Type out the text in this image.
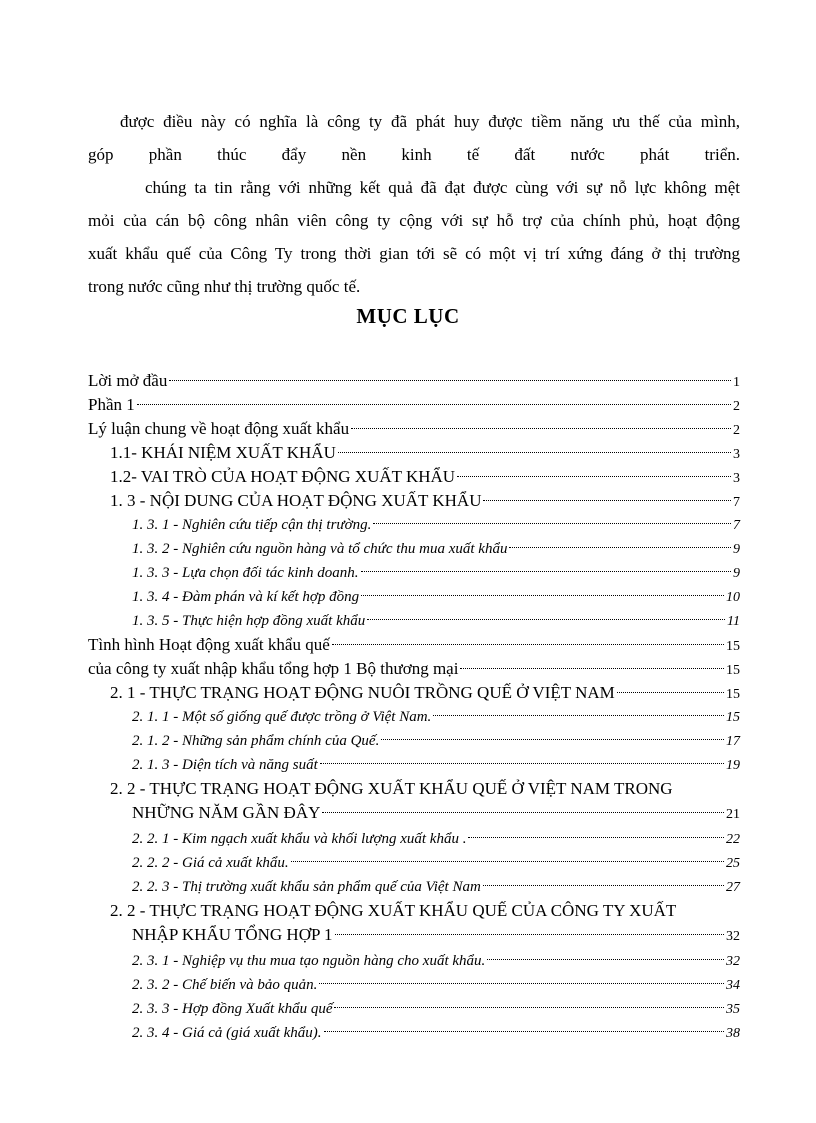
được điều này có nghĩa là công ty đã phát huy được tiềm năng ưu thế của mình,
góp phần thúc đẩy nền kinh tế đất nước phát triển.

chúng ta tin rằng với những kết quả đã đạt được cùng với sự nỗ lực không mệt
mỏi của cán bộ công nhân viên công ty cộng với sự hỗ trợ của chính phủ, hoạt động
xuất khẩu quế của Công Ty trong thời gian tới sẽ có một vị trí xứng đáng ở thị trường
trong nước cũng như thị trường quốc tế.

MỤC LỤC
Lời mở đầu	1
Phần 1	2
Lý luận chung về hoạt động xuất khẩu	2
1.1- KHÁI NIỆM XUẤT KHẨU	3
1.2- VAI TRÒ CỦA HOẠT ĐỘNG XUẤT KHẨU	3
1. 3 - NỘI DUNG CỦA HOẠT ĐỘNG XUẤT KHẨU	7
1. 3. 1 - Nghiên cứu tiếp cận thị trường.	7
1. 3. 2 - Nghiên cứu nguồn hàng và tổ chức thu mua xuất khẩu	9
1. 3. 3 - Lựa chọn đối tác kinh doanh.	9
1. 3. 4 - Đàm phán và kí kết hợp đồng	10
1. 3. 5 - Thực hiện hợp đồng xuất khẩu	11
Tình hình Hoạt động xuất khẩu quế	15
của công ty xuất nhập khẩu tổng hợp 1 Bộ thương mại	15
2. 1 - THỰC TRẠNG HOẠT ĐỘNG NUÔI TRỒNG QUẾ Ở VIỆT NAM	15
2. 1. 1 - Một số giống quế được trồng ở Việt Nam.	15
2. 1. 2 - Những sản phẩm chính của Quế.	17
2. 1. 3 - Diện tích và năng suất	19
2. 2 - THỰC TRẠNG HOẠT ĐỘNG XUẤT KHẨU QUẾ Ở VIỆT NAM TRONG
NHỮNG NĂM GẦN ĐÂY	21
2. 2. 1 - Kim ngạch xuất khẩu và khối lượng xuất khẩu .	22
2. 2. 2 - Giá cả xuất khẩu.	25
2. 2. 3 - Thị trường xuất khẩu sản phẩm quế của Việt Nam	27
2. 2 - THỰC TRẠNG HOẠT ĐỘNG XUẤT KHẨU QUẾ CỦA CÔNG TY XUẤT
NHẬP KHẨU TỔNG HỢP 1	32
2. 3. 1 - Nghiệp vụ thu mua tạo nguồn hàng cho xuất khẩu.	32
2. 3. 2 - Chế biến và bảo quản.	34
2. 3. 3 - Hợp đồng Xuất khẩu quế	35
2. 3. 4 - Giá cả (giá xuất khẩu).	38
